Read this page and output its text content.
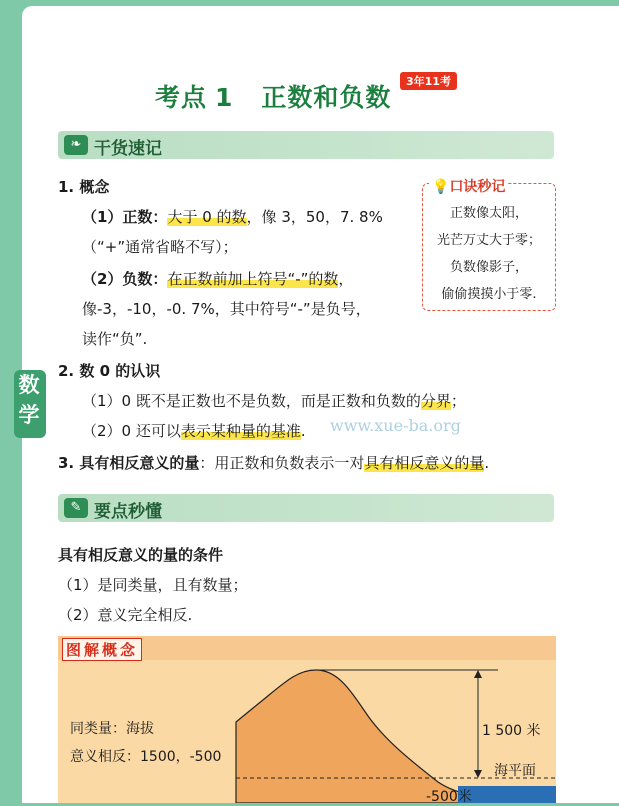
数学
考点 1 正数和负数
3年11考
❧ 干货速记
1. 概念
（1）正数：大于 0 的数，像 3，50，7. 8%
（“+”通常省略不写）；
（2）负数：在正数前加上符号“-”的数，
像-3，-10，-0. 7%，其中符号“-”是负号，
读作“负”.
💡口诀秒记
正数像太阳，
光芒万丈大于零；
负数像影子，
偷偷摸摸小于零.
2. 数 0 的认识
（1）0 既不是正数也不是负数，而是正数和负数的分界；
（2）0 还可以表示某种量的基准. www.xue-ba.org
3. 具有相反意义的量：用正数和负数表示一对具有相反意义的量.
✎ 要点秒懂
具有相反意义的量的条件
（1）是同类量，且有数量；
（2）意义完全相反.
图解概念
同类量：海拔
意义相反：1500，-500
1 500 米
海平面
-500米
